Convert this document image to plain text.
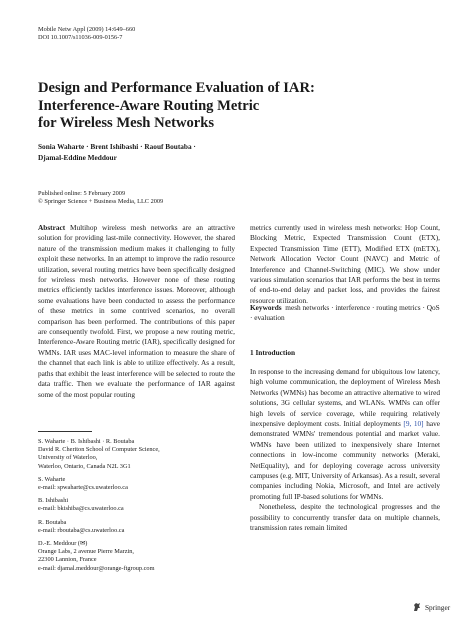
Mobile Netw Appl (2009) 14:649–660
DOI 10.1007/s11036-009-0156-7
Design and Performance Evaluation of IAR:
Interference-Aware Routing Metric
for Wireless Mesh Networks
Sonia Waharte · Brent Ishibashi · Raouf Boutaba ·
Djamal-Eddine Meddour
Published online: 5 February 2009
© Springer Science + Business Media, LLC 2009

Abstract Multihop wireless mesh networks are an attractive solution for providing last-mile connectivity. However, the shared nature of the transmission medium makes it challenging to fully exploit these networks. In an attempt to improve the radio resource utilization, several routing metrics have been specifically designed for wireless mesh networks. However none of these routing metrics efficiently tackles interference issues. Moreover, although some evaluations have been conducted to assess the performance of these metrics in some contrived scenarios, no overall comparison has been performed. The contributions of this paper are consequently twofold. First, we propose a new routing metric, Interference-Aware Routing metric (IAR), specifically designed for WMNs. IAR uses MAC-level information to measure the share of the channel that each link is able to utilize effectively. As a result, paths that exhibit the least interference will be selected to route the data traffic. Then we evaluate the performance of IAR against some of the most popular routing

S. Waharte · B. Ishibashi · R. Boutaba
David R. Cheriton School of Computer Science,
University of Waterloo,
Waterloo, Ontario, Canada N2L 3G1
S. Waharte
e-mail: spwaharte@cs.uwaterloo.ca
B. Ishibashi
e-mail: bkishiba@cs.uwaterloo.ca
R. Boutaba
e-mail: rboutaba@cs.uwaterloo.ca
D.-E. Meddour (✉)
Orange Labs, 2 avenue Pierre Marzin,
22300 Lannion, France
e-mail: djamal.meddour@orange-ftgroup.com

metrics currently used in wireless mesh networks: Hop Count, Blocking Metric, Expected Transmission Count (ETX), Expected Transmission Time (ETT), Modified ETX (mETX), Network Allocation Vector Count (NAVC) and Metric of Interference and Channel-Switching (MIC). We show under various simulation scenarios that IAR performs the best in terms of end-to-end delay and packet loss, and provides the fairest resource utilization.

Keywords mesh networks · interference · routing metrics · QoS · evaluation
1 Introduction

In response to the increasing demand for ubiquitous low latency, high volume communication, the deployment of Wireless Mesh Networks (WMNs) has become an attractive alternative to wired solutions, 3G cellular systems, and WLANs. WMNs can offer high levels of service coverage, while requiring relatively inexpensive deployment costs. Initial deployments [9, 10] have demonstrated WMNs' tremendous potential and market value. WMNs have been utilized to inexpensively share Internet connections in low-income community networks (Meraki, NetEquality), and for deploying coverage across university campuses (e.g. MIT, University of Arkansas). As a result, several companies including Nokia, Microsoft, and Intel are actively promoting full IP-based solutions for WMNs.

Nonetheless, despite the technological progresses and the possibility to concurrently transfer data on multiple channels, transmission rates remain limited

Springer
